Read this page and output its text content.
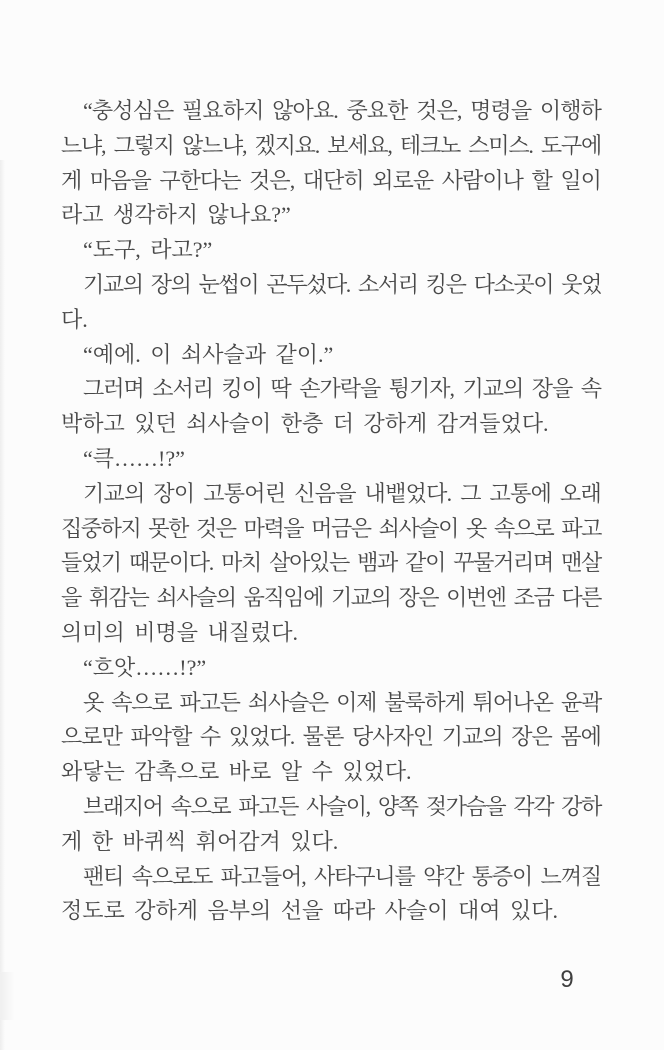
“충성심은 필요하지 않아요. 중요한 것은, 명령을 이행하
느냐, 그렇지 않느냐, 겠지요. 보세요, 테크노 스미스. 도구에
게 마음을 구한다는 것은, 대단히 외로운 사람이나 할 일이
라고 생각하지 않나요?”
“도구, 라고?”
기교의 장의 눈썹이 곤두섰다. 소서리 킹은 다소곳이 웃었
다.
“예에. 이 쇠사슬과 같이.”
그러며 소서리 킹이 딱 손가락을 튕기자, 기교의 장을 속
박하고 있던 쇠사슬이 한층 더 강하게 감겨들었다.
“큭……!?”
기교의 장이 고통어린 신음을 내뱉었다. 그 고통에 오래
집중하지 못한 것은 마력을 머금은 쇠사슬이 옷 속으로 파고
들었기 때문이다. 마치 살아있는 뱀과 같이 꾸물거리며 맨살
을 휘감는 쇠사슬의 움직임에 기교의 장은 이번엔 조금 다른
의미의 비명을 내질렀다.
“흐앗……!?”
옷 속으로 파고든 쇠사슬은 이제 불룩하게 튀어나온 윤곽
으로만 파악할 수 있었다. 물론 당사자인 기교의 장은 몸에
와닿는 감촉으로 바로 알 수 있었다.
브래지어 속으로 파고든 사슬이, 양쪽 젖가슴을 각각 강하
게 한 바퀴씩 휘어감겨 있다.
팬티 속으로도 파고들어, 사타구니를 약간 통증이 느껴질
정도로 강하게 음부의 선을 따라 사슬이 대여 있다.
9
